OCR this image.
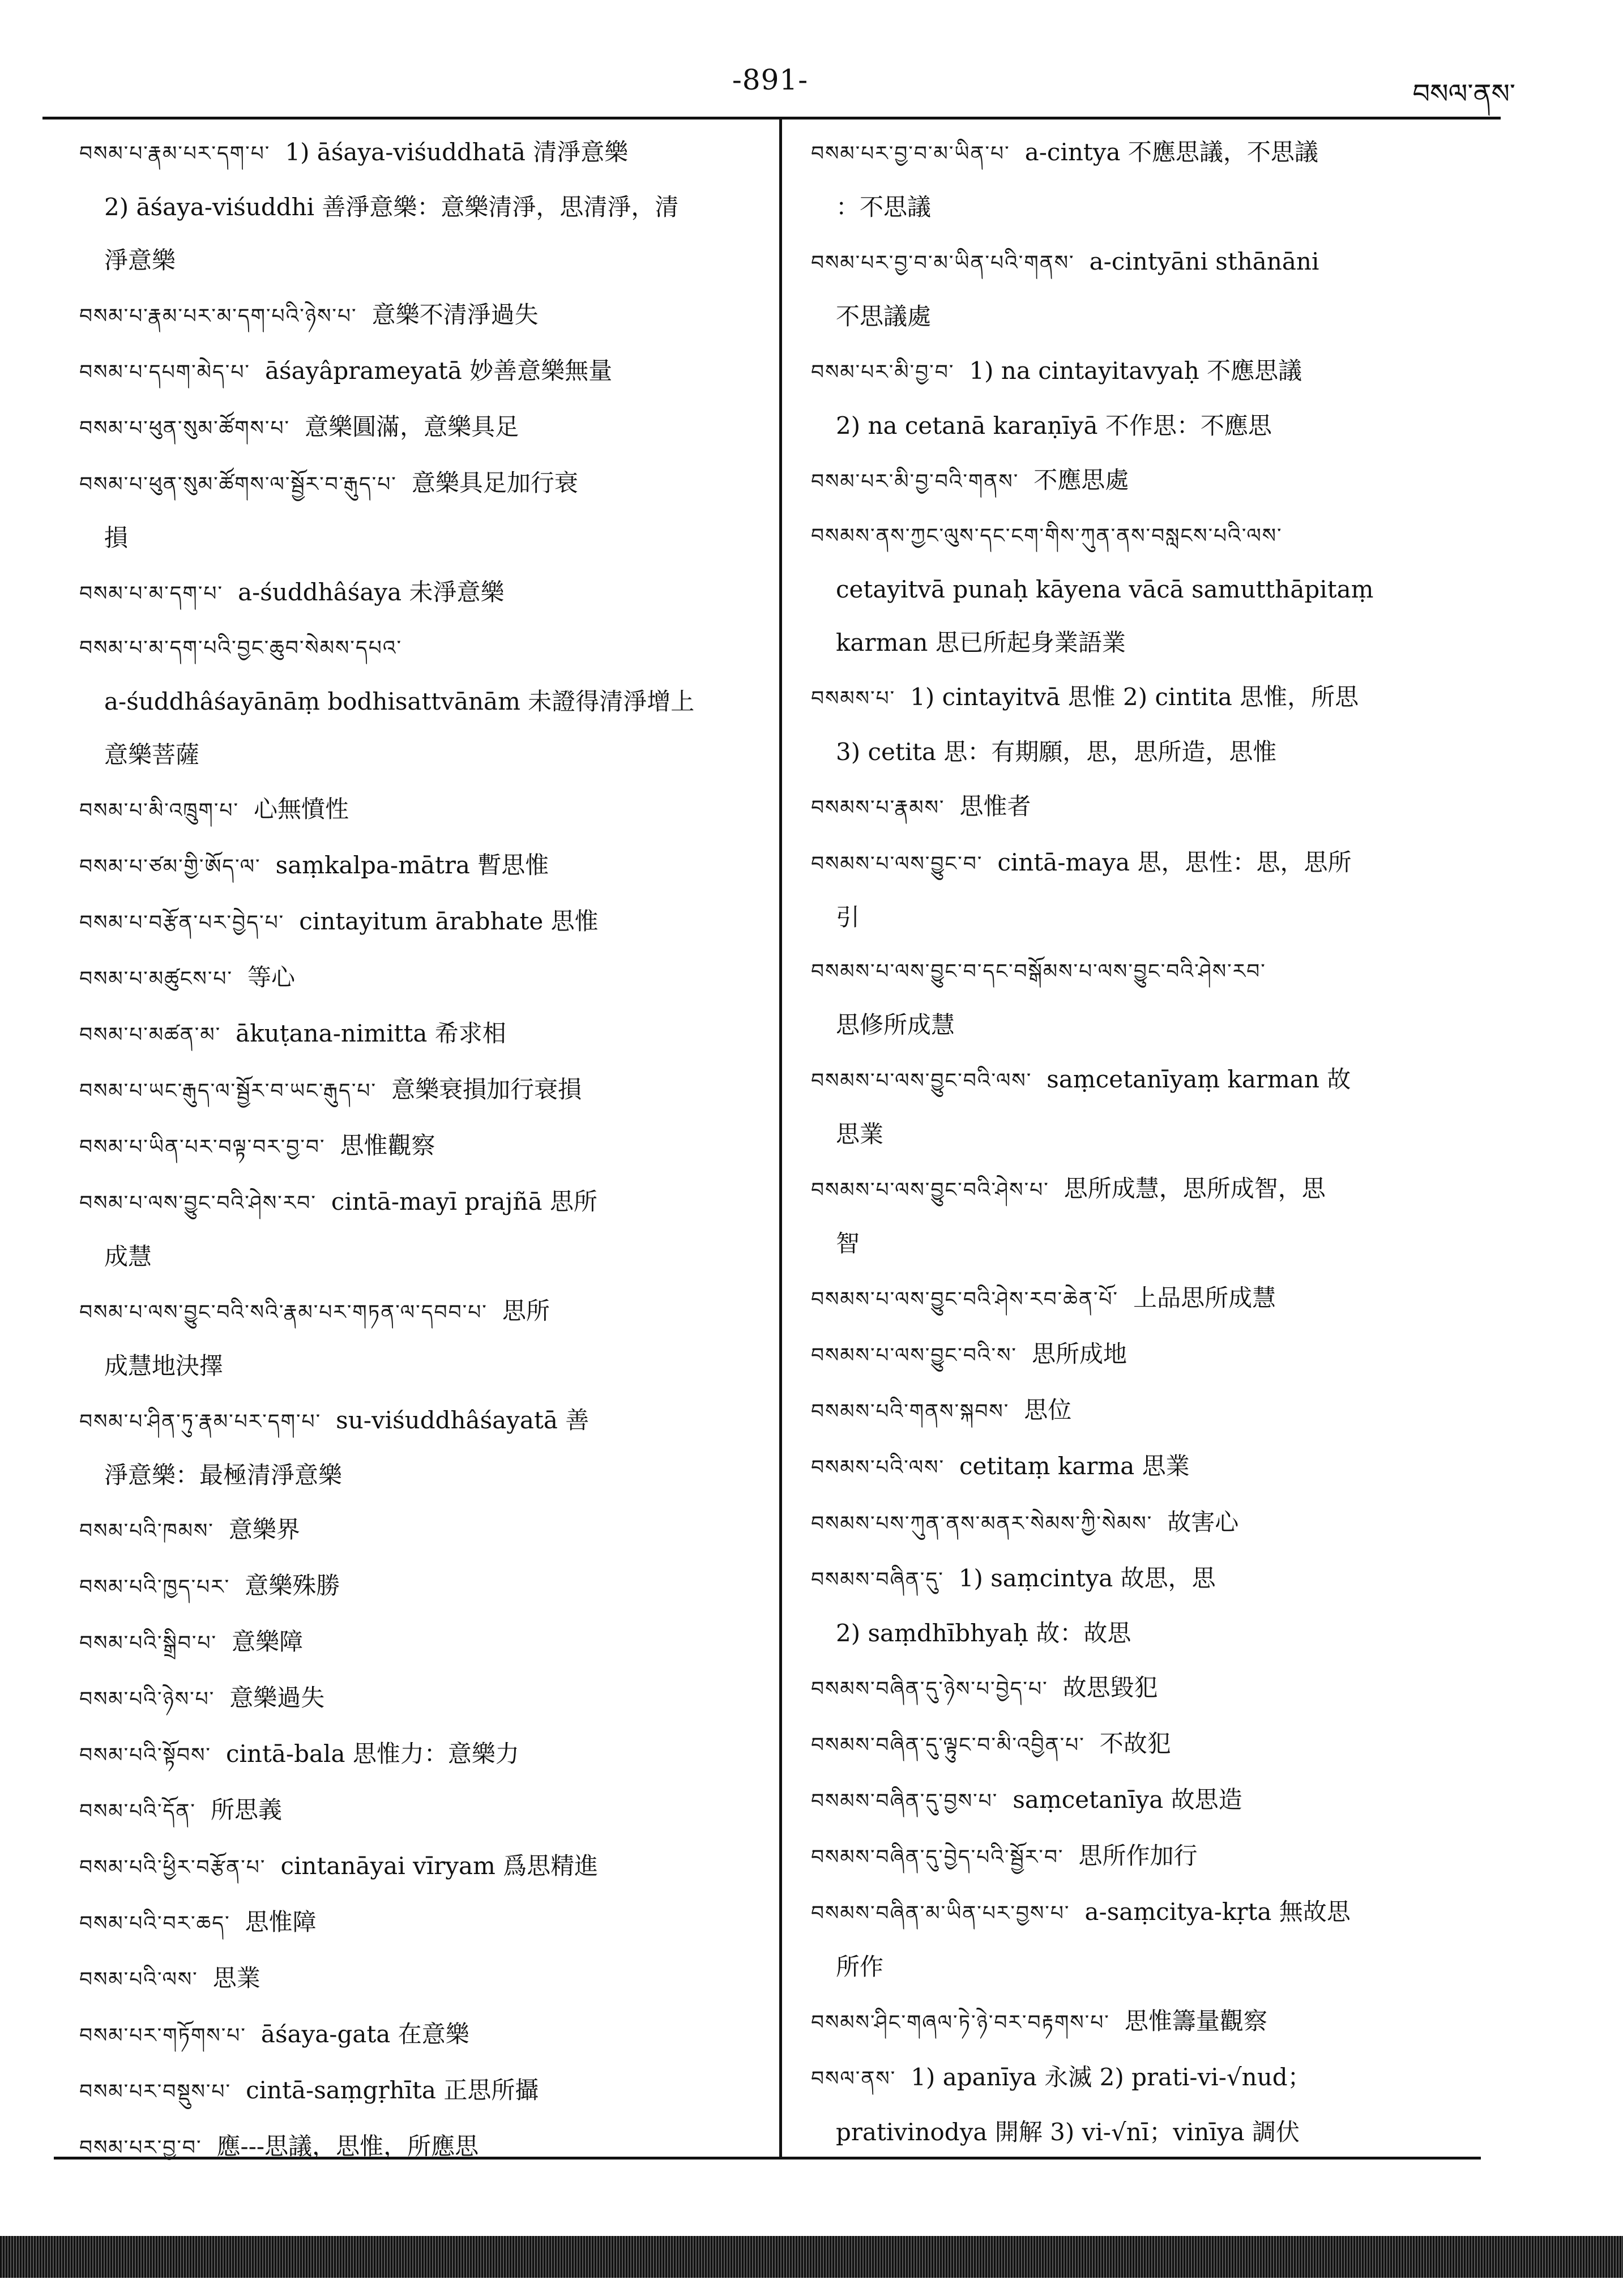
-891-	བསལ་ནས་
བསམ་པ་རྣམ་པར་དག་པ་ 1) āśaya-viśuddhatā 清淨意樂
2) āśaya-viśuddhi 善淨意樂：意樂清淨，思清淨，清
淨意樂
བསམ་པ་རྣམ་པར་མ་དག་པའི་ཉེས་པ་ 意樂不清淨過失
བསམ་པ་དཔག་མེད་པ་ āśayâprameyatā 妙善意樂無量
བསམ་པ་ཕུན་སུམ་ཚོགས་པ་ 意樂圓滿，意樂具足
བསམ་པ་ཕུན་སུམ་ཚོགས་ལ་སྦྱོར་བ་རྒུད་པ་ 意樂具足加行衰
損
བསམ་པ་མ་དག་པ་ a-śuddhâśaya 未淨意樂
བསམ་པ་མ་དག་པའི་བྱང་ཆུབ་སེམས་དཔའ་
a-śuddhâśayānāṃ bodhisattvānām 未證得清淨增上
意樂菩薩
བསམ་པ་མི་འཁྲུག་པ་ 心無憤性
བསམ་པ་ཙམ་གྱི་ཨོད་ལ་ saṃkalpa-mātra 暫思惟
བསམ་པ་བརྩོན་པར་བྱེད་པ་ cintayitum ārabhate 思惟
བསམ་པ་མཚུངས་པ་ 等心
བསམ་པ་མཚན་མ་ ākuṭana-nimitta 希求相
བསམ་པ་ཡང་རྒུད་ལ་སྦྱོར་བ་ཡང་རྒུད་པ་ 意樂衰損加行衰損
བསམ་པ་ཡིན་པར་བལྟ་བར་བྱ་བ་ 思惟觀察
བསམ་པ་ལས་བྱུང་བའི་ཤེས་རབ་ cintā-mayī prajñā 思所
成慧
བསམ་པ་ལས་བྱུང་བའི་སའི་རྣམ་པར་གཏན་ལ་དབབ་པ་ 思所
成慧地決擇
བསམ་པ་ཤིན་ཏུ་རྣམ་པར་དག་པ་ su-viśuddhâśayatā 善
淨意樂：最極清淨意樂
བསམ་པའི་ཁམས་ 意樂界
བསམ་པའི་ཁྱད་པར་ 意樂殊勝
བསམ་པའི་སྒྲིབ་པ་ 意樂障
བསམ་པའི་ཉེས་པ་ 意樂過失
བསམ་པའི་སྟོབས་ cintā-bala 思惟力：意樂力
བསམ་པའི་དོན་ 所思義
བསམ་པའི་ཕྱིར་བརྩོན་པ་ cintanāyai vīryam 爲思精進
བསམ་པའི་བར་ཆད་ 思惟障
བསམ་པའི་ལས་ 思業
བསམ་པར་གཏོགས་པ་ āśaya-gata 在意樂
བསམ་པར་བསྡུས་པ་ cintā-saṃgṛhīta 正思所攝
བསམ་པར་བྱ་བ་ 應---思議，思惟，所應思
བསམ་པར་བྱ་བ་མ་ཡིན་པ་ a-cintya 不應思議，不思議
：不思議
བསམ་པར་བྱ་བ་མ་ཡིན་པའི་གནས་ a-cintyāni sthānāni
不思議處
བསམ་པར་མི་བྱ་བ་ 1) na cintayitavyaḥ 不應思議
2) na cetanā karaṇīyā 不作思：不應思
བསམ་པར་མི་བྱ་བའི་གནས་ 不應思處
བསམས་ནས་ཀྱང་ལུས་དང་ངག་གིས་ཀུན་ནས་བསླངས་པའི་ལས་
cetayitvā punaḥ kāyena vācā samutthāpitaṃ
karman 思已所起身業語業
བསམས་པ་ 1) cintayitvā 思惟 2) cintita 思惟，所思
3) cetita 思：有期願，思，思所造，思惟
བསམས་པ་རྣམས་ 思惟者
བསམས་པ་ལས་བྱུང་བ་ cintā-maya 思，思性：思，思所
引
བསམས་པ་ལས་བྱུང་བ་དང་བསྒོམས་པ་ལས་བྱུང་བའི་ཤེས་རབ་
思修所成慧
བསམས་པ་ལས་བྱུང་བའི་ལས་ saṃcetanīyaṃ karman 故
思業
བསམས་པ་ལས་བྱུང་བའི་ཤེས་པ་ 思所成慧，思所成智，思
智
བསམས་པ་ལས་བྱུང་བའི་ཤེས་རབ་ཆེན་པོ་ 上品思所成慧
བསམས་པ་ལས་བྱུང་བའི་ས་ 思所成地
བསམས་པའི་གནས་སྐབས་ 思位
བསམས་པའི་ལས་ cetitaṃ karma 思業
བསམས་པས་ཀུན་ནས་མནར་སེམས་ཀྱི་སེམས་ 故害心
བསམས་བཞིན་དུ་ 1) saṃcintya 故思，思
2) saṃdhībhyaḥ 故：故思
བསམས་བཞིན་དུ་ཉེས་པ་བྱེད་པ་ 故思毀犯
བསམས་བཞིན་དུ་ལྟུང་བ་མི་འབྱིན་པ་ 不故犯
བསམས་བཞིན་དུ་བྱས་པ་ saṃcetanīya 故思造
བསམས་བཞིན་དུ་བྱེད་པའི་སྦྱོར་བ་ 思所作加行
བསམས་བཞིན་མ་ཡིན་པར་བྱས་པ་ a-saṃcitya-kṛta 無故思
所作
བསམས་ཤིང་གཞལ་ཏེ་ཉེ་བར་བརྟགས་པ་ 思惟籌量觀察
བསལ་ནས་ 1) apanīya 永滅 2) prati-vi-√nud；
prativinodya 開解 3) vi-√nī；vinīya 調伏
